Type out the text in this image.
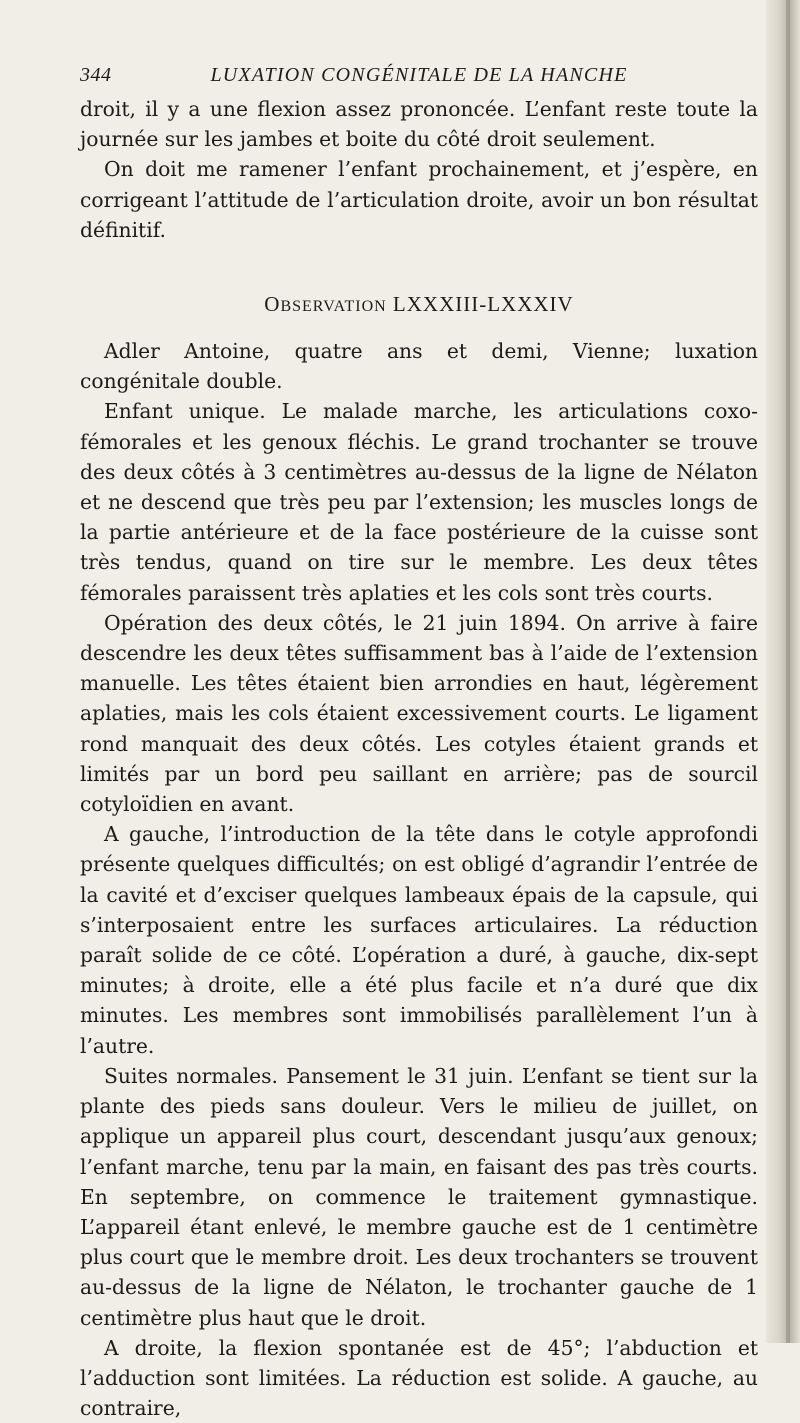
344	LUXATION CONGÉNITALE DE LA HANCHE

droit, il y a une flexion assez prononcée. L’enfant reste toute la journée sur les jambes et boite du côté droit seulement.

On doit me ramener l’enfant prochainement, et j’espère, en corrigeant l’attitude de l’articulation droite, avoir un bon résultat définitif.

OBSERVATION LXXXIII-LXXXIV

Adler Antoine, quatre ans et demi, Vienne; luxation congénitale double.

Enfant unique. Le malade marche, les articulations coxo-fémorales et les genoux fléchis. Le grand trochanter se trouve des deux côtés à 3 centimètres au-dessus de la ligne de Nélaton et ne descend que très peu par l’extension; les muscles longs de la partie antérieure et de la face postérieure de la cuisse sont très tendus, quand on tire sur le membre. Les deux têtes fémorales paraissent très aplaties et les cols sont très courts.

Opération des deux côtés, le 21 juin 1894. On arrive à faire descendre les deux têtes suffisamment bas à l’aide de l’extension manuelle. Les têtes étaient bien arrondies en haut, légèrement aplaties, mais les cols étaient excessivement courts. Le ligament rond manquait des deux côtés. Les cotyles étaient grands et limités par un bord peu saillant en arrière; pas de sourcil cotyloïdien en avant.

A gauche, l’introduction de la tête dans le cotyle approfondi présente quelques difficultés; on est obligé d’agrandir l’entrée de la cavité et d’exciser quelques lambeaux épais de la capsule, qui s’interposaient entre les surfaces articulaires. La réduction paraît solide de ce côté. L’opération a duré, à gauche, dix-sept minutes; à droite, elle a été plus facile et n’a duré que dix minutes. Les membres sont immobilisés parallèlement l’un à l’autre.

Suites normales. Pansement le 31 juin. L’enfant se tient sur la plante des pieds sans douleur. Vers le milieu de juillet, on applique un appareil plus court, descendant jusqu’aux genoux; l’enfant marche, tenu par la main, en faisant des pas très courts. En septembre, on commence le traitement gymnastique. L’appareil étant enlevé, le membre gauche est de 1 centimètre plus court que le membre droit. Les deux trochanters se trouvent au-dessus de la ligne de Nélaton, le trochanter gauche de 1 centimètre plus haut que le droit.

A droite, la flexion spontanée est de 45°; l’abduction et l’adduction sont limitées. La réduction est solide. A gauche, au contraire,
